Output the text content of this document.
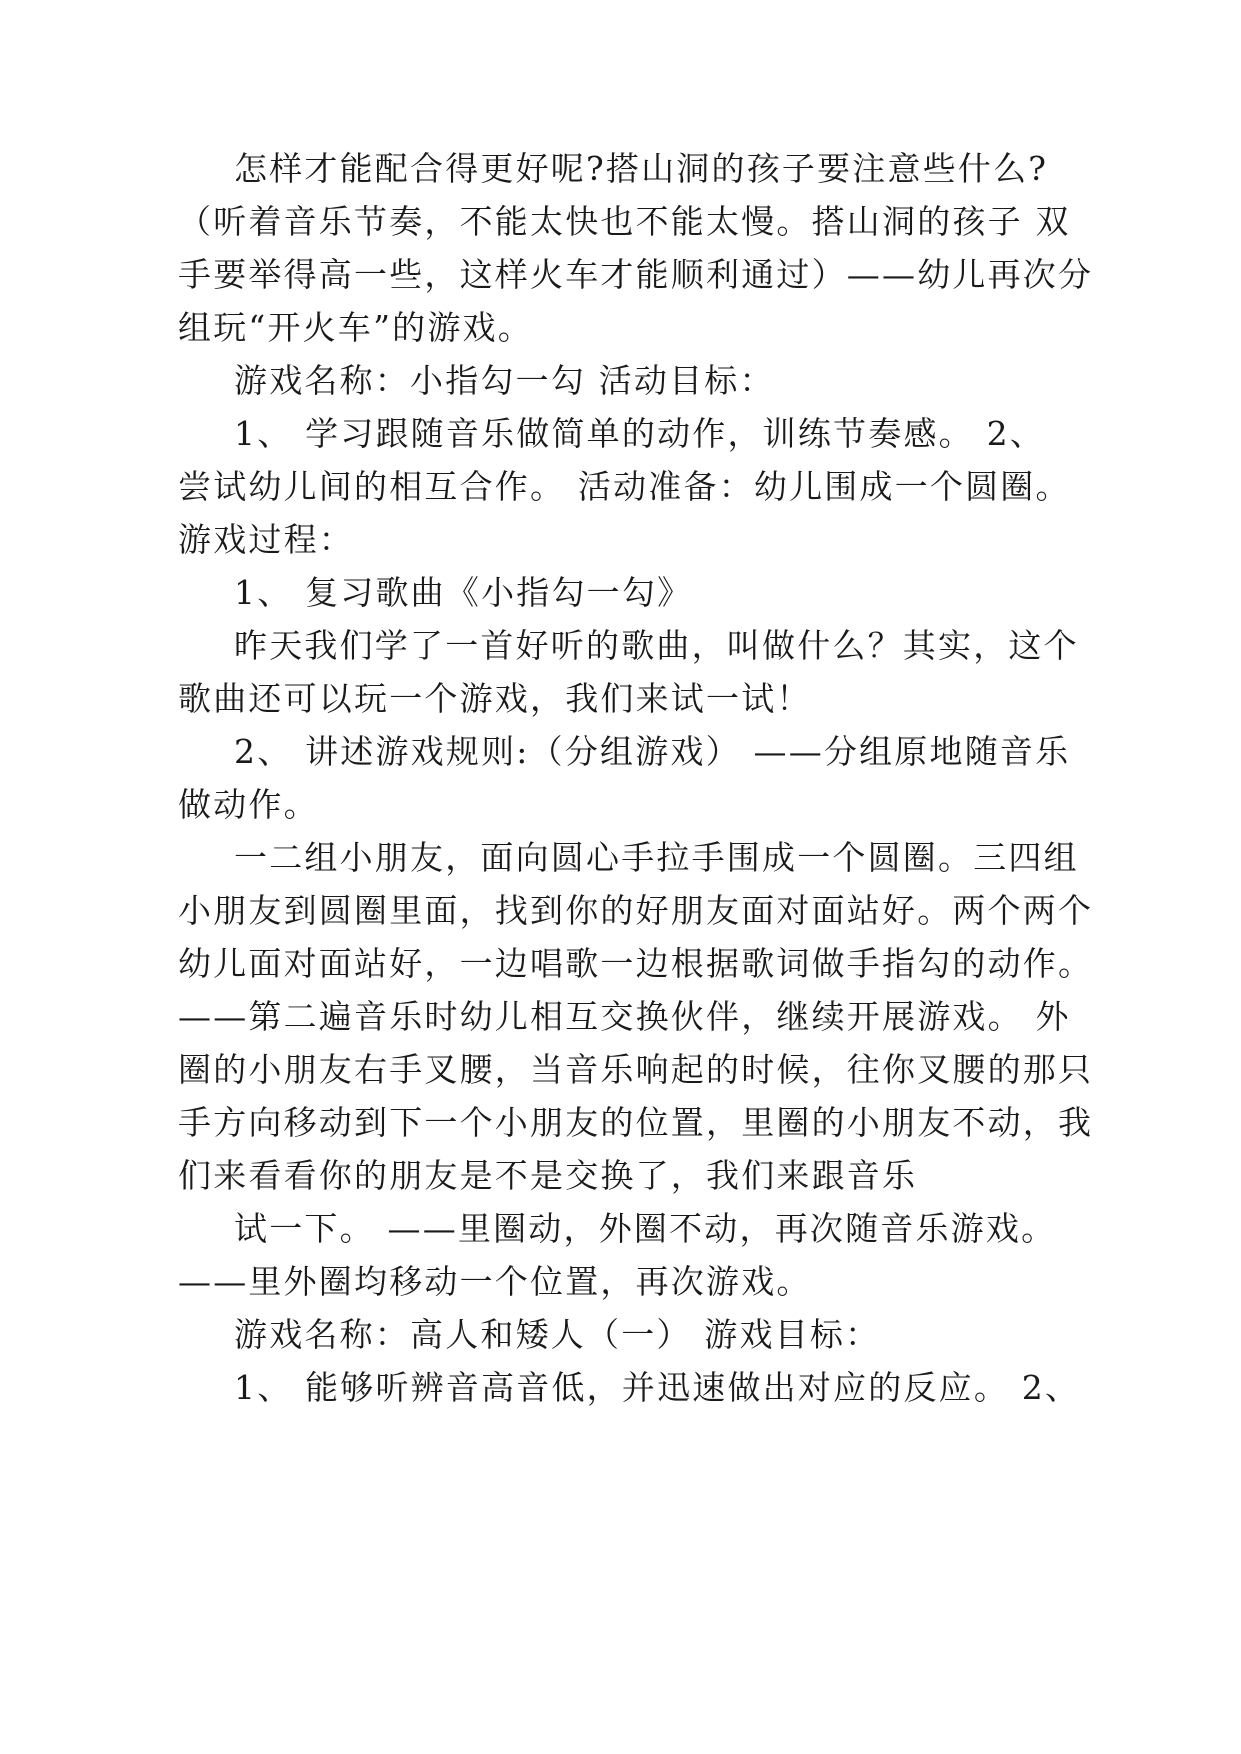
怎样才能配合得更好呢?搭山洞的孩子要注意些什么?
（听着音乐节奏，不能太快也不能太慢。搭山洞的孩子 双
手要举得高一些，这样火车才能顺利通过）——幼儿再次分
组玩“开火车”的游戏。
游戏名称：小指勾一勾 活动目标：
1、 学习跟随音乐做简单的动作，训练节奏感。 2、
尝试幼儿间的相互合作。 活动准备：幼儿围成一个圆圈。
游戏过程：
1、 复习歌曲《小指勾一勾》
昨天我们学了一首好听的歌曲，叫做什么？其实，这个
歌曲还可以玩一个游戏，我们来试一试！
2、 讲述游戏规则:（分组游戏） ——分组原地随音乐
做动作。
一二组小朋友，面向圆心手拉手围成一个圆圈。三四组
小朋友到圆圈里面，找到你的好朋友面对面站好。两个两个
幼儿面对面站好，一边唱歌一边根据歌词做手指勾的动作。
——第二遍音乐时幼儿相互交换伙伴，继续开展游戏。 外
圈的小朋友右手叉腰，当音乐响起的时候，往你叉腰的那只
手方向移动到下一个小朋友的位置，里圈的小朋友不动，我
们来看看你的朋友是不是交换了，我们来跟音乐
试一下。 ——里圈动，外圈不动，再次随音乐游戏。
——里外圈均移动一个位置，再次游戏。
游戏名称：高人和矮人（一） 游戏目标：
1、 能够听辨音高音低，并迅速做出对应的反应。 2、
